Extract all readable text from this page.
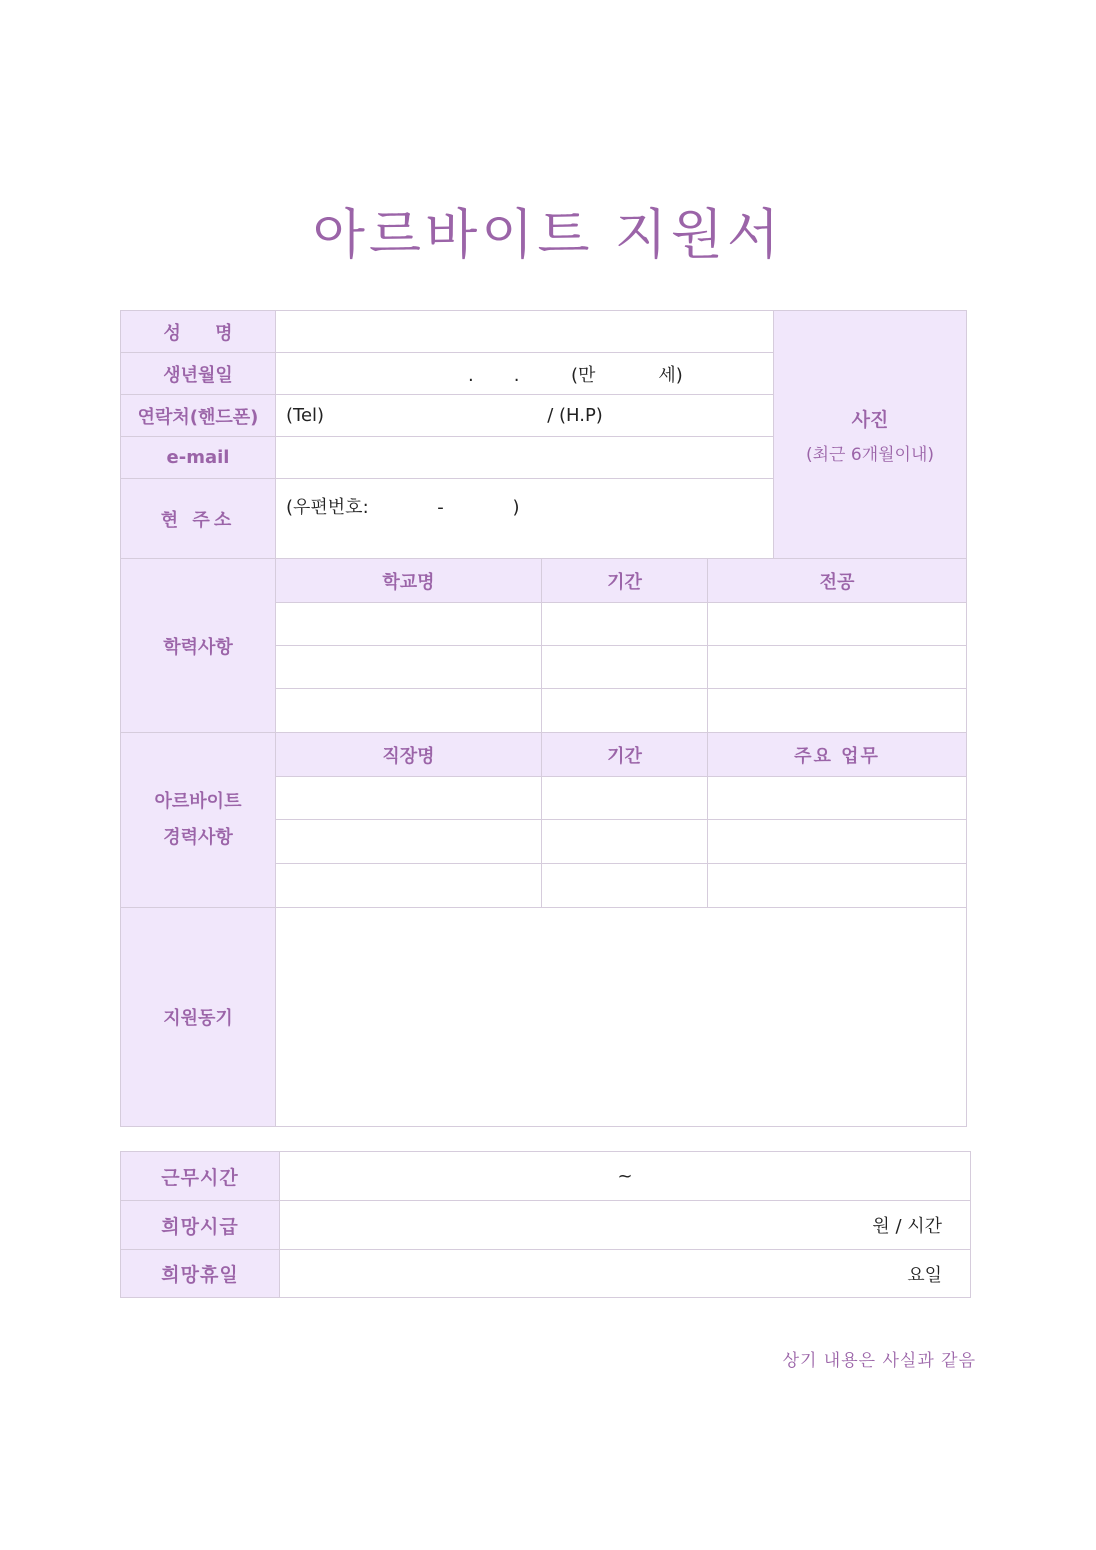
아르바이트 지원서
성 명				사진
(최근 6개월이내)

생년월일	.       .         (만           세)			
연락처(핸드폰)	(Tel)                                       / (H.P)			
e-mail				
현 주소	(우편번호:            -            )			
학력사항	학교명	기간	전공	

아르바이트
경력사항	직장명	기간	주요 업무	

지원동기				
근무시간	~
희망시급	원 / 시간
희망휴일	요일
상기 내용은 사실과 같음
